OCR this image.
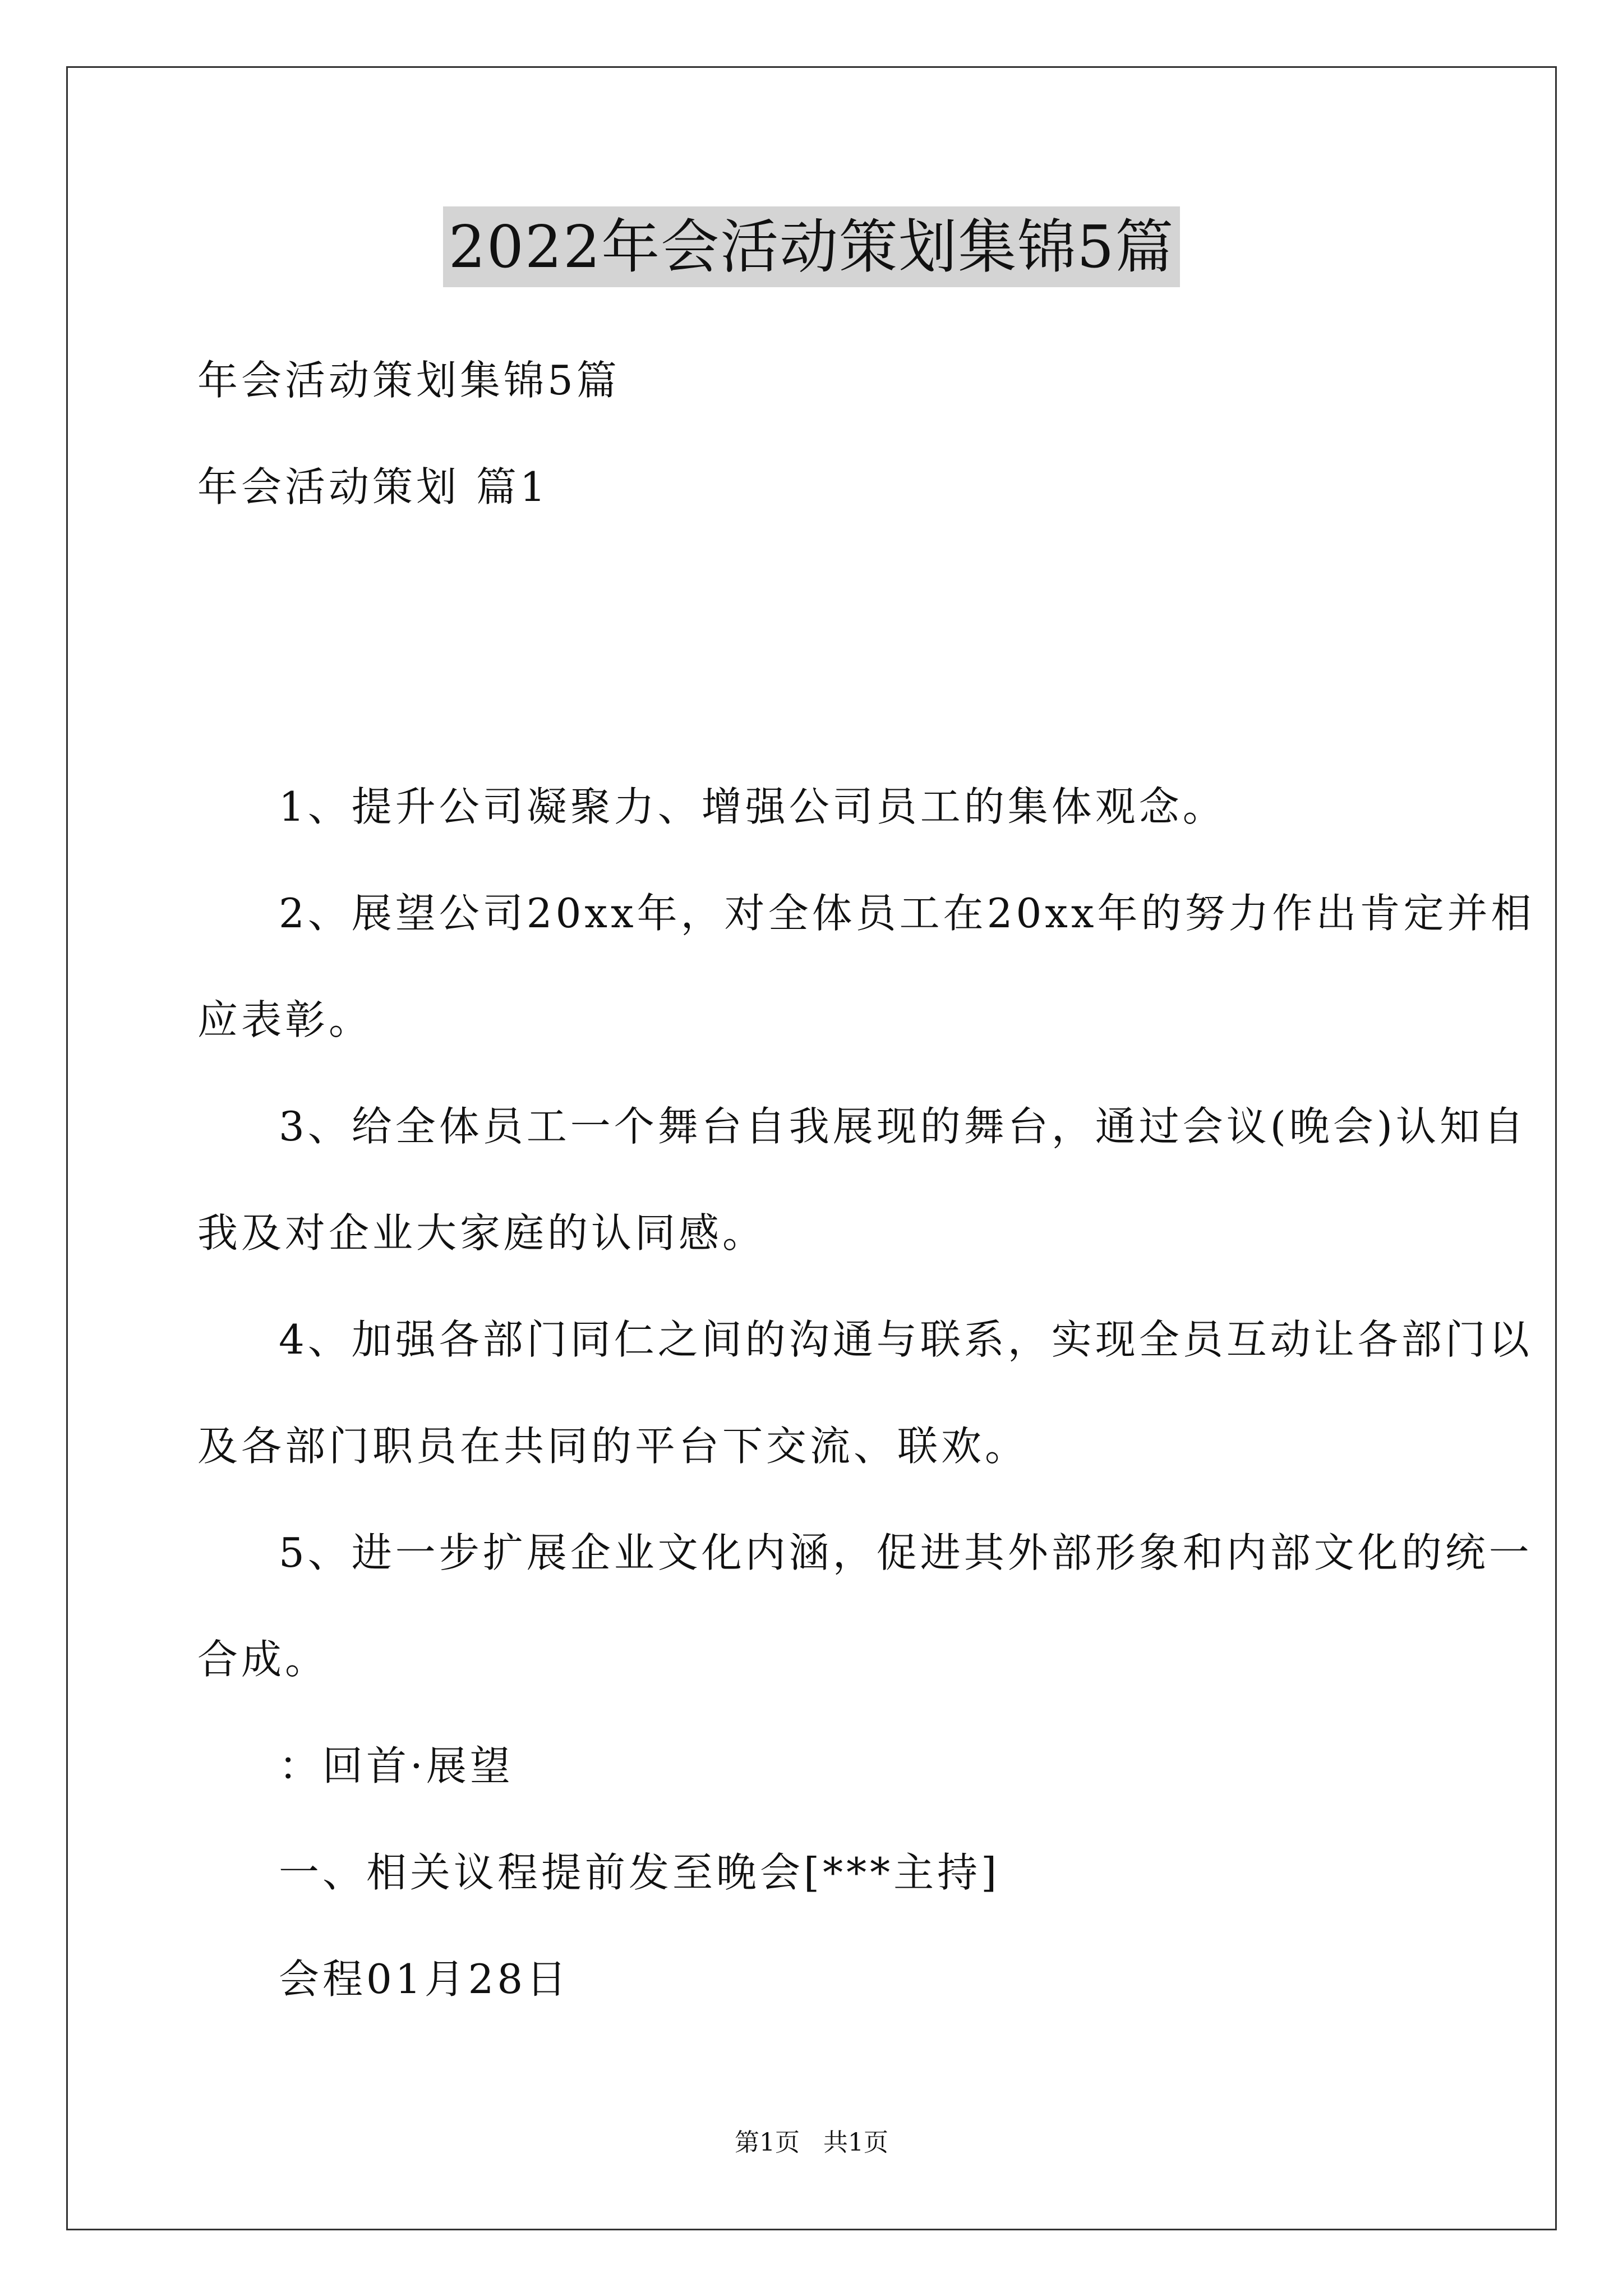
2022年会活动策划集锦5篇
年会活动策划集锦5篇
年会活动策划 篇1
1、提升公司凝聚力、增强公司员工的集体观念。
2、展望公司20xx年，对全体员工在20xx年的努力作出肯定并相
应表彰。
3、给全体员工一个舞台自我展现的舞台，通过会议(晚会)认知自
我及对企业大家庭的认同感。
4、加强各部门同仁之间的沟通与联系，实现全员互动让各部门以
及各部门职员在共同的平台下交流、联欢。
5、进一步扩展企业文化内涵，促进其外部形象和内部文化的统一
合成。
：回首·展望
一、相关议程提前发至晚会[***主持]
会程01月28日
第1页   共1页
